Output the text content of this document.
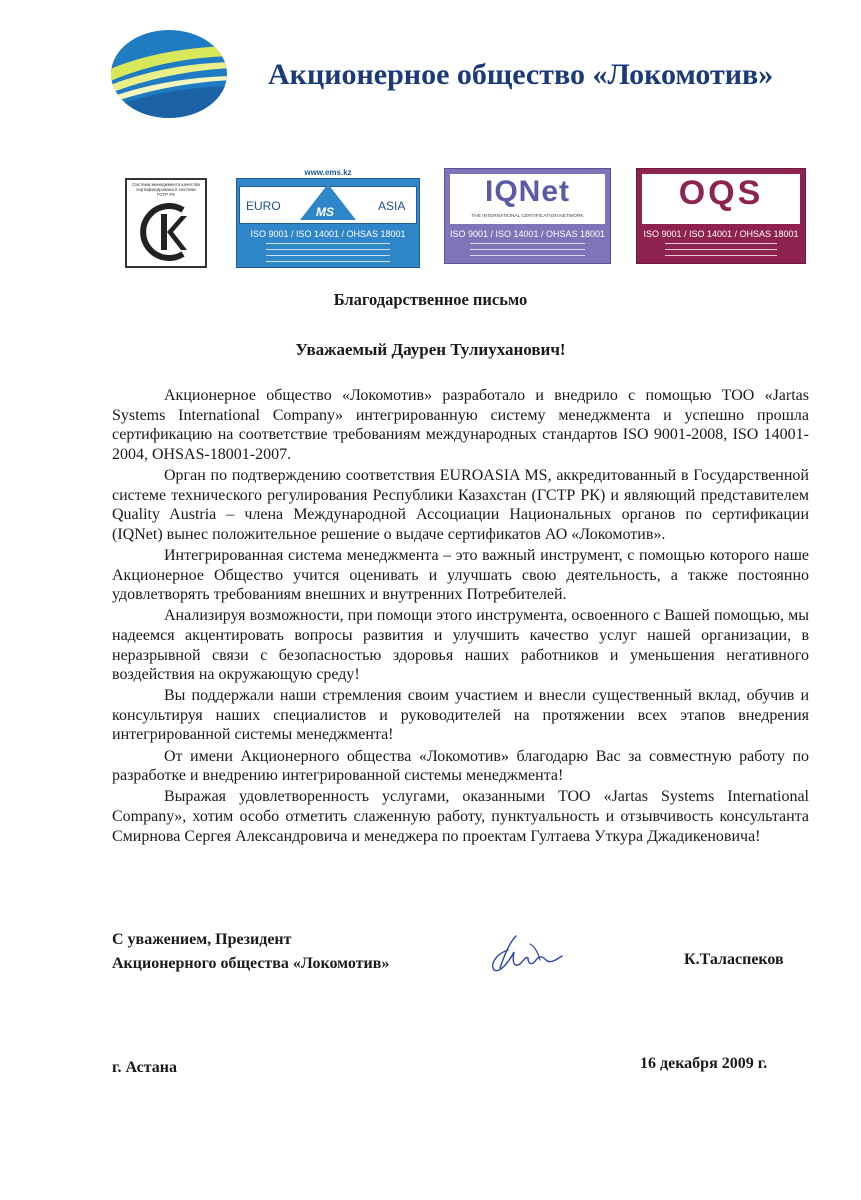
Акционерное общество «Локомотив»
Система менеджмента качества сертифицирована в системе ГСТР РК
www.ems.kz
EURO	MS	ASIA
ISO 9001 / ISO 14001 / OHSAS 18001
IQNet
THE INTERNATIONAL CERTIFICATION NETWORK
ISO 9001 / ISO 14001 / OHSAS 18001
OQS
ISO 9001 / ISO 14001 / OHSAS 18001
Благодарственное письмо
Уважаемый Даурен Тулиуханович!

Акционерное общество «Локомотив» разработало и внедрило с помощью ТОО «Jartas Systems International Company» интегрированную систему менеджмента и успешно прошла сертификацию на соответствие требованиям международных стандартов ISO 9001-2008, ISO 14001-2004, OHSAS-18001-2007.

Орган по подтверждению соответствия EUROASIA MS, аккредитованный в Государственной системе технического регулирования Республики Казахстан (ГСТР РК) и являющий представителем Quality Austria – члена Международной Ассоциации Национальных органов по сертификации (IQNet) вынес положительное решение о выдаче сертификатов АО «Локомотив».

Интегрированная система менеджмента – это важный инструмент, с помощью которого наше Акционерное Общество учится оценивать и улучшать свою деятельность, а также постоянно удовлетворять требованиям внешних и внутренних Потребителей.

Анализируя возможности, при помощи этого инструмента, освоенного с Вашей помощью, мы надеемся акцентировать вопросы развития и улучшить качество услуг нашей организации, в неразрывной связи с безопасностью здоровья наших работников и уменьшения негативного воздействия на окружающую среду!

Вы поддержали наши стремления своим участием и внесли существенный вклад, обучив и консультируя наших специалистов и руководителей на протяжении всех этапов внедрения интегрированной системы менеджмента!

От имени Акционерного общества «Локомотив» благодарю Вас за совместную работу по разработке и внедрению интегрированной системы менеджмента!

Выражая удовлетворенность услугами, оказанными ТОО «Jartas Systems International Company», хотим особо отметить слаженную работу, пунктуальность и отзывчивость консультанта Смирнова Сергея Александровича и менеджера по проектам Гултаева Уткура Джадикеновича!

С уважением, Президент
Акционерного общества «Локомотив»	К.Таласпеков
г. Астана	16 декабря 2009 г.
